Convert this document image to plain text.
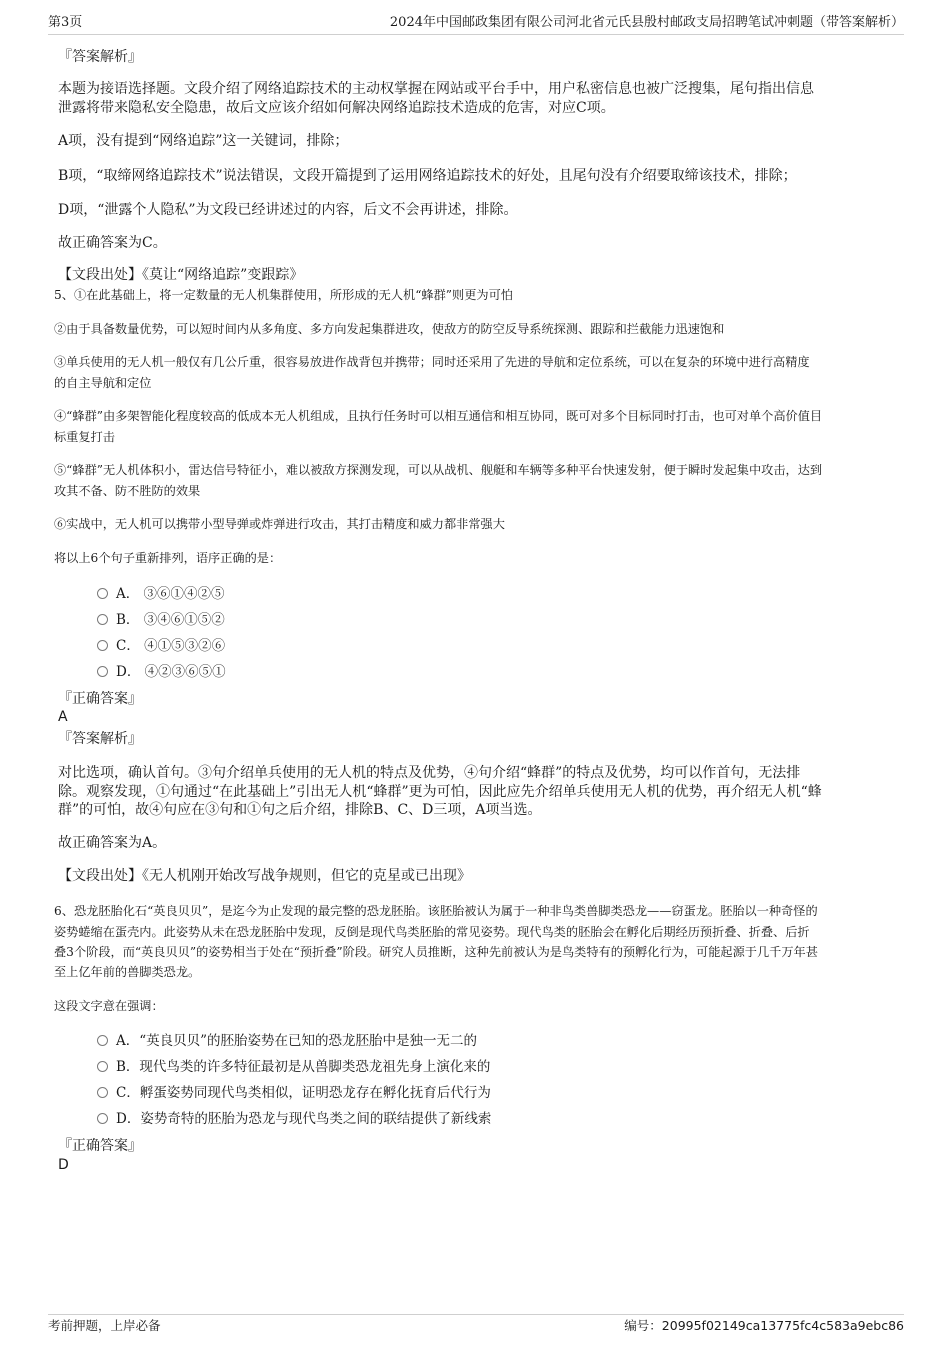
第3页	2024年中国邮政集团有限公司河北省元氏县殷村邮政支局招聘笔试冲刺题（带答案解析）
『答案解析』
本题为接语选择题。文段介绍了网络追踪技术的主动权掌握在网站或平台手中，用户私密信息也被广泛搜集，尾句指出信息
泄露将带来隐私安全隐患，故后文应该介绍如何解决网络追踪技术造成的危害，对应C项。
A项，没有提到“网络追踪”这一关键词，排除；
B项，“取缔网络追踪技术”说法错误，文段开篇提到了运用网络追踪技术的好处，且尾句没有介绍要取缔该技术，排除；
D项，“泄露个人隐私”为文段已经讲述过的内容，后文不会再讲述，排除。
故正确答案为C。
【文段出处】《莫让“网络追踪”变跟踪》
5、①在此基础上，将一定数量的无人机集群使用，所形成的无人机“蜂群”则更为可怕
②由于具备数量优势，可以短时间内从多角度、多方向发起集群进攻，使敌方的防空反导系统探测、跟踪和拦截能力迅速饱和
③单兵使用的无人机一般仅有几公斤重，很容易放进作战背包并携带；同时还采用了先进的导航和定位系统，可以在复杂的环境中进行高精度
的自主导航和定位
④“蜂群”由多架智能化程度较高的低成本无人机组成，且执行任务时可以相互通信和相互协同，既可对多个目标同时打击，也可对单个高价值目
标重复打击
⑤“蜂群”无人机体积小，雷达信号特征小，难以被敌方探测发现，可以从战机、舰艇和车辆等多种平台快速发射，便于瞬时发起集中攻击，达到
攻其不备、防不胜防的效果
⑥实战中，无人机可以携带小型导弹或炸弹进行攻击，其打击精度和威力都非常强大
将以上6个句子重新排列，语序正确的是：
A． ③⑥①④②⑤
B． ③④⑥①⑤②
C． ④①⑤③②⑥
D． ④②③⑥⑤①
『正确答案』
A
『答案解析』
对比选项，确认首句。③句介绍单兵使用的无人机的特点及优势，④句介绍“蜂群”的特点及优势，均可以作首句，无法排
除。观察发现，①句通过“在此基础上”引出无人机“蜂群”更为可怕，因此应先介绍单兵使用无人机的优势，再介绍无人机“蜂
群”的可怕，故④句应在③句和①句之后介绍，排除B、C、D三项，A项当选。
故正确答案为A。
【文段出处】《无人机刚开始改写战争规则，但它的克星或已出现》
6、恐龙胚胎化石“英良贝贝”，是迄今为止发现的最完整的恐龙胚胎。该胚胎被认为属于一种非鸟类兽脚类恐龙——窃蛋龙。胚胎以一种奇怪的
姿势蜷缩在蛋壳内。此姿势从未在恐龙胚胎中发现，反倒是现代鸟类胚胎的常见姿势。现代鸟类的胚胎会在孵化后期经历预折叠、折叠、后折
叠3个阶段，而“英良贝贝”的姿势相当于处在“预折叠”阶段。研究人员推断，这种先前被认为是鸟类特有的预孵化行为，可能起源于几千万年甚
至上亿年前的兽脚类恐龙。
这段文字意在强调：
A．“英良贝贝”的胚胎姿势在已知的恐龙胚胎中是独一无二的
B．现代鸟类的许多特征最初是从兽脚类恐龙祖先身上演化来的
C．孵蛋姿势同现代鸟类相似，证明恐龙存在孵化抚育后代行为
D．姿势奇特的胚胎为恐龙与现代鸟类之间的联结提供了新线索
『正确答案』
D
考前押题，上岸必备	编号：20995f02149ca13775fc4c583a9ebc86
